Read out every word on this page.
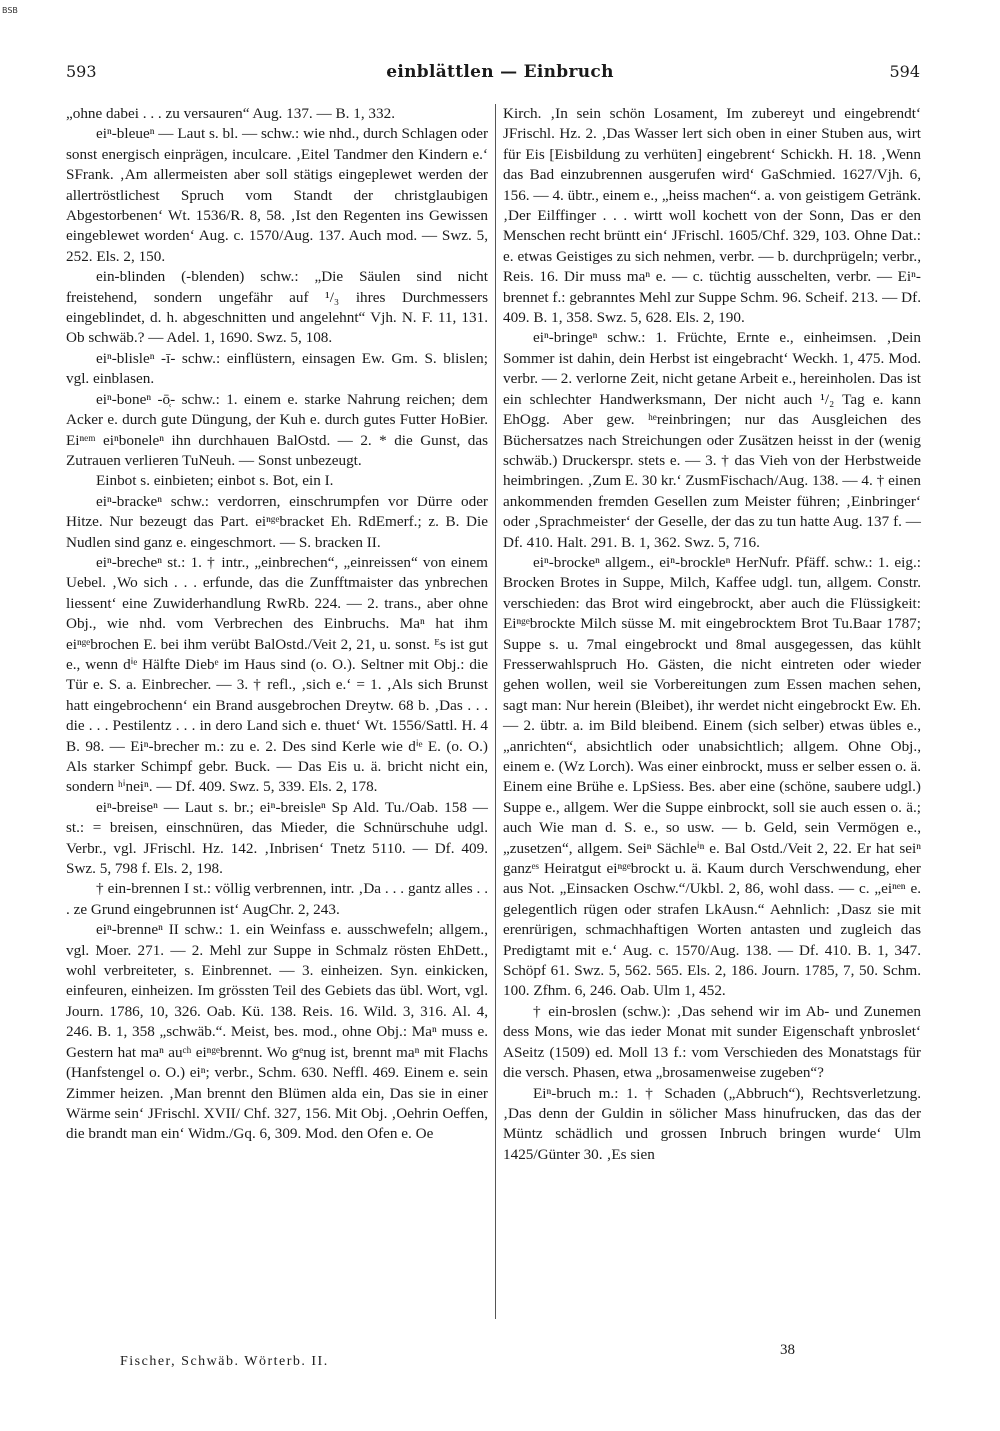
BSB
593	einblättlen — Einbruch	594

„ohne dabei . . . zu versauren“ Aug. 137. — B. 1, 332.

eiⁿ-bleueⁿ — Laut s. bl. — schw.: wie nhd., durch Schlagen oder sonst energisch einprägen, inculcare. ‚Eitel Tandmer den Kindern e.‘ SFrank. ‚Am allermeisten aber soll stätigs eingeplewet werden der allertröstlichest Spruch vom Standt der christglaubigen Abgestorbenen‘ Wt. 1536/R. 8, 58. ‚Ist den Regenten ins Gewissen eingeblewet worden‘ Aug. c. 1570/Aug. 137. Auch mod. — Swz. 5, 252. Els. 2, 150.

ein-blinden (-blenden) schw.: „Die Säulen sind nicht freistehend, sondern ungefähr auf ¹/₃ ihres Durchmessers eingeblindet, d. h. abgeschnitten und angelehnt“ Vjh. N. F. 11, 131. Ob schwäb.? — Adel. 1, 1690. Swz. 5, 108.

eiⁿ-blisleⁿ -ī- schw.: einflüstern, einsagen Ew. Gm. S. blislen; vgl. einblasen.

eiⁿ-boneⁿ -ō̜- schw.: 1. einem e. starke Nahrung reichen; dem Acker e. durch gute Düngung, der Kuh e. durch gutes Futter HoBier. Eiⁿᵉᵐ eiⁿboneleⁿ ihn durchhauen BalOstd. — 2. * die Gunst, das Zutrauen verlieren TuNeuh. — Sonst unbezeugt.

Einbot s. einbieten; einbot s. Bot, ein I.

eiⁿ-brackeⁿ schw.: verdorren, einschrumpfen vor Dürre oder Hitze. Nur bezeugt das Part. eiⁿᵍᵉbracket Eh. RdEmerf.; z. B. Die Nudlen sind ganz e. eingeschmort. — S. bracken II.

eiⁿ-brecheⁿ st.: 1. † intr., „einbrechen“, „einreissen“ von einem Uebel. ‚Wo sich . . . erfunde, das die Zunfftmaister das ynbrechen liessent‘ eine Zuwiderhandlung RwRb. 224. — 2. trans., aber ohne Obj., wie nhd. vom Verbrechen des Einbruchs. Maⁿ hat ihm eiⁿᵍᵉbrochen E. bei ihm verübt BalOstd./Veit 2, 21, u. sonst. ᴱs ist gut e., wenn dⁱᵉ Hälfte Diebᵉ im Haus sind (o. O.). Seltner mit Obj.: die Tür e. S. a. Einbrecher. — 3. † refl., ‚sich e.‘ = 1. ‚Als sich Brunst hatt eingebrochenn‘ ein Brand ausgebrochen Dreytw. 68 b. ‚Das . . . die . . . Pestilentz . . . in dero Land sich e. thuet‘ Wt. 1556/Sattl. H. 4 B. 98. — Eiⁿ-brecher m.: zu e. 2. Des sind Kerle wie dⁱᵉ E. (o. O.) Als starker Schimpf gebr. Buck. — Das Eis u. ä. bricht nicht ein, sondern ʰⁱneiⁿ. — Df. 409. Swz. 5, 339. Els. 2, 178.

eiⁿ-breiseⁿ — Laut s. br.; eiⁿ-breisleⁿ Sp Ald. Tu./Oab. 158 — st.: = breisen, einschnüren, das Mieder, die Schnürschuhe udgl. Verbr., vgl. JFrischl. Hz. 142. ‚Inbrisen‘ Tnetz 5110. — Df. 409. Swz. 5, 798 f. Els. 2, 198.

† ein-brennen I st.: völlig verbrennen, intr. ‚Da . . . gantz alles . . . ze Grund eingebrunnen ist‘ AugChr. 2, 243.

eiⁿ-brenneⁿ II schw.: 1. ein Weinfass e. ausschwefeln; allgem., vgl. Moer. 271. — 2. Mehl zur Suppe in Schmalz rösten EhDett., wohl verbreiteter, s. Einbrennet. — 3. einheizen. Syn. einkicken, einfeuren, einheizen. Im grössten Teil des Gebiets das übl. Wort, vgl. Journ. 1786, 10, 326. Oab. Kü. 138. Reis. 16. Wild. 3, 316. Al. 4, 246. B. 1, 358 „schwäb.“. Meist, bes. mod., ohne Obj.: Maⁿ muss e. Gestern hat maⁿ auᶜʰ eiⁿᵍᵉbrennt. Wo gᵉnug ist, brennt maⁿ mit Flachs (Hanfstengel o. O.) eiⁿ; verbr., Schm. 630. Neffl. 469. Einem e. sein Zimmer heizen. ‚Man brennt den Blümen alda ein, Das sie in einer Wärme sein‘ JFrischl. XVII/ Chf. 327, 156. Mit Obj. ‚Oehrin Oeffen, die brandt man ein‘ Widm./Gq. 6, 309. Mod. den Ofen e. Oe

Kirch. ‚In sein schön Losament, Im zubereyt und eingebrendt‘ JFrischl. Hz. 2. ‚Das Wasser lert sich oben in einer Stuben aus, wirt für Eis [Eisbildung zu verhüten] eingebrent‘ Schickh. H. 18. ‚Wenn das Bad einzubrennen ausgerufen wird‘ GaSchmied. 1627/Vjh. 6, 156. — 4. übtr., einem e., „heiss machen“. a. von geistigem Getränk. ‚Der Eilffinger . . . wirtt woll kochett von der Sonn, Das er den Menschen recht brüntt ein‘ JFrischl. 1605/Chf. 329, 103. Ohne Dat.: e. etwas Geistiges zu sich nehmen, verbr. — b. durchprügeln; verbr., Reis. 16. Dir muss maⁿ e. — c. tüchtig ausschelten, verbr. — Eiⁿ-brennet f.: gebranntes Mehl zur Suppe Schm. 96. Scheif. 213. — Df. 409. B. 1, 358. Swz. 5, 628. Els. 2, 190.

eiⁿ-bringeⁿ schw.: 1. Früchte, Ernte e., einheimsen. ‚Dein Sommer ist dahin, dein Herbst ist eingebracht‘ Weckh. 1, 475. Mod. verbr. — 2. verlorne Zeit, nicht getane Arbeit e., hereinholen. Das ist ein schlechter Handwerksmann, Der nicht auch ¹/₂ Tag e. kann EhOgg. Aber gew. ʰᵉreinbringen; nur das Ausgleichen des Büchersatzes nach Streichungen oder Zusätzen heisst in der (wenig schwäb.) Druckerspr. stets e. — 3. † das Vieh von der Herbstweide heimbringen. ‚Zum E. 30 kr.‘ ZusmFischach/Aug. 138. — 4. † einen ankommenden fremden Gesellen zum Meister führen; ‚Einbringer‘ oder ‚Sprachmeister‘ der Geselle, der das zu tun hatte Aug. 137 f. — Df. 410. Halt. 291. B. 1, 362. Swz. 5, 716.

eiⁿ-brockeⁿ allgem., eiⁿ-brockleⁿ HerNufr. Pfäff. schw.: 1. eig.: Brocken Brotes in Suppe, Milch, Kaffee udgl. tun, allgem. Constr. verschieden: das Brot wird eingebrockt, aber auch die Flüssigkeit: Eiⁿᵍᵉbrockte Milch süsse M. mit eingebrocktem Brot Tu.Baar 1787; Suppe s. u. 7mal eingebrockt und 8mal ausgegessen, das kühlt Fresserwahlspruch Ho. Gästen, die nicht eintreten oder wieder gehen wollen, weil sie Vorbereitungen zum Essen machen sehen, sagt man: Nur herein (Bleibet), ihr werdet nicht eingebrockt Ew. Eh. — 2. übtr. a. im Bild bleibend. Einem (sich selber) etwas übles e., „anrichten“, absichtlich oder unabsichtlich; allgem. Ohne Obj., einem e. (Wz Lorch). Was einer einbrockt, muss er selber essen o. ä. Einem eine Brühe e. LpSiess. Bes. aber eine (schöne, saubere udgl.) Suppe e., allgem. Wer die Suppe einbrockt, soll sie auch essen o. ä.; auch Wie man d. S. e., so usw. — b. Geld, sein Vermögen e., „zusetzen“, allgem. Seiⁿ Sächleⁱⁿ e. Bal Ostd./Veit 2, 22. Er hat seiⁿ ganzᵉˢ Heiratgut eiⁿᵍᵉbrockt u. ä. Kaum durch Verschwendung, eher aus Not. „Einsacken Oschw.“/Ukbl. 2, 86, wohl dass. — c. „eiⁿᵉⁿ e. gelegentlich rügen oder strafen LkAusn.“ Aehnlich: ‚Dasz sie mit erenrürigen, schmachhaftigen Worten antasten und zugleich das Predigtamt mit e.‘ Aug. c. 1570/Aug. 138. — Df. 410. B. 1, 347. Schöpf 61. Swz. 5, 562. 565. Els. 2, 186. Journ. 1785, 7, 50. Schm. 100. Zfhm. 6, 246. Oab. Ulm 1, 452.

† ein-broslen (schw.): ‚Das sehend wir im Ab- und Zunemen dess Mons, wie das ieder Monat mit sunder Eigenschaft ynbroslet‘ ASeitz (1509) ed. Moll 13 f.: vom Verschieden des Monatstags für die versch. Phasen, etwa „brosamenweise zugeben“?

Eiⁿ-bruch m.: 1. † Schaden („Abbruch“), Rechtsverletzung. ‚Das denn der Guldin in sölicher Mass hinufrucken, das das der Müntz schädlich und grossen Inbruch bringen wurde‘ Ulm 1425/Günter 30. ‚Es sien

Fischer, Schwäb. Wörterb. II.
38
